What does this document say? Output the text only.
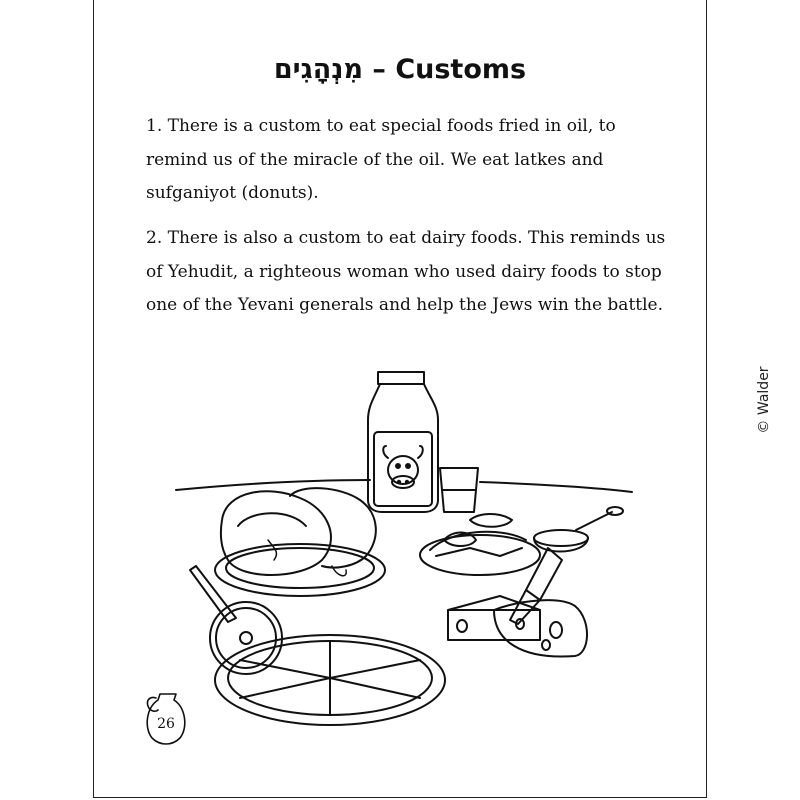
מִנְהָגִים – Customs

1. There is a custom to eat special foods fried in oil, to remind us of the miracle of the oil. We eat latkes and sufganiyot (donuts).

2. There is also a custom to eat dairy foods. This reminds us of Yehudit, a righteous woman who used dairy foods to stop one of the Yevani generals and help the Jews win the battle.

26
© Walder
